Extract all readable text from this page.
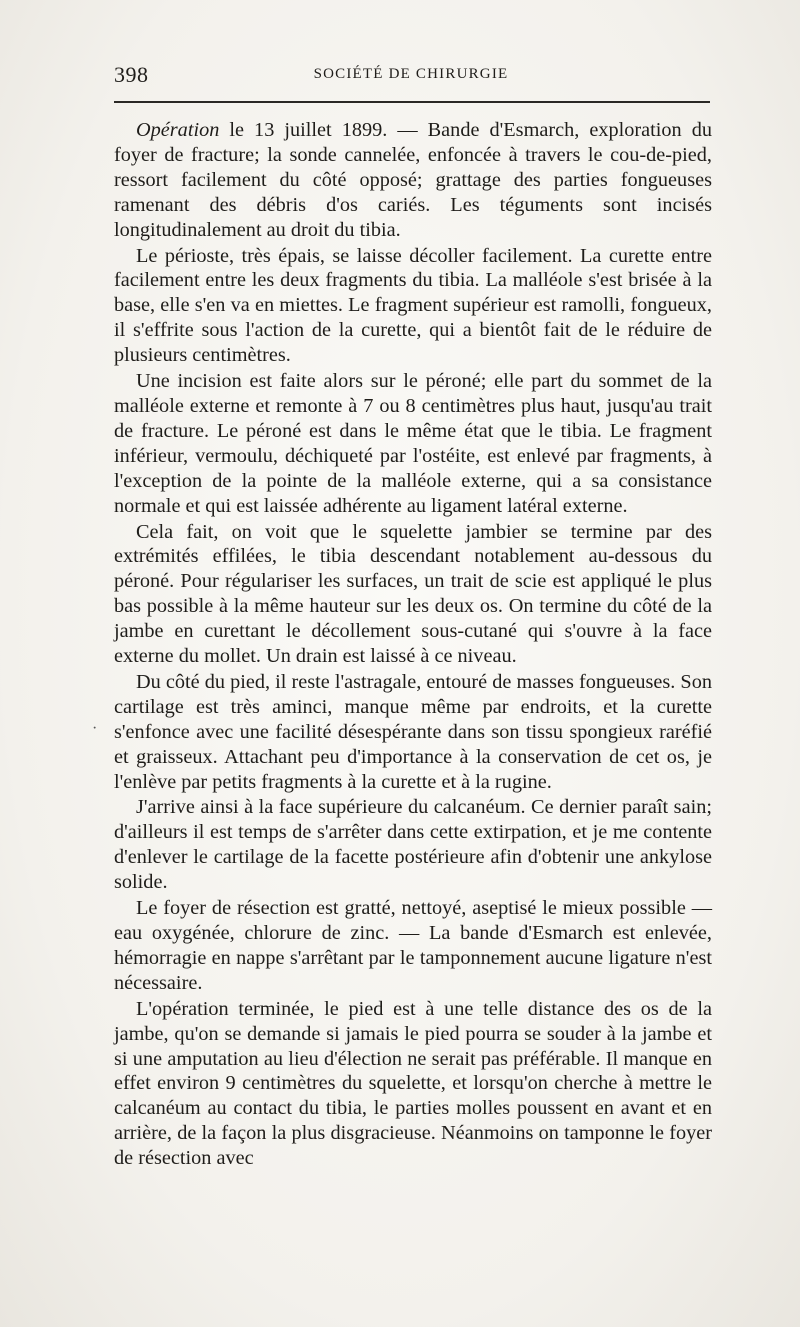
398	SOCIÉTÉ DE CHIRURGIE
·

Opération le 13 juillet 1899. — Bande d'Esmarch, exploration du foyer de fracture; la sonde cannelée, enfoncée à travers le cou-de-pied, ressort facilement du côté opposé; grattage des parties fongueuses ramenant des débris d'os cariés. Les téguments sont incisés longitudinalement au droit du tibia.

Le périoste, très épais, se laisse décoller facilement. La curette entre facilement entre les deux fragments du tibia. La malléole s'est brisée à la base, elle s'en va en miettes. Le fragment supérieur est ramolli, fongueux, il s'effrite sous l'action de la curette, qui a bientôt fait de le réduire de plusieurs centimètres.

Une incision est faite alors sur le péroné; elle part du sommet de la malléole externe et remonte à 7 ou 8 centimètres plus haut, jusqu'au trait de fracture. Le péroné est dans le même état que le tibia. Le fragment inférieur, vermoulu, déchiqueté par l'ostéite, est enlevé par fragments, à l'exception de la pointe de la malléole externe, qui a sa consistance normale et qui est laissée adhérente au ligament latéral externe.

Cela fait, on voit que le squelette jambier se termine par des extrémités effilées, le tibia descendant notablement au-dessous du péroné. Pour régulariser les surfaces, un trait de scie est appliqué le plus bas possible à la même hauteur sur les deux os. On termine du côté de la jambe en curettant le décollement sous-cutané qui s'ouvre à la face externe du mollet. Un drain est laissé à ce niveau.

Du côté du pied, il reste l'astragale, entouré de masses fongueuses. Son cartilage est très aminci, manque même par endroits, et la curette s'enfonce avec une facilité désespérante dans son tissu spongieux raréfié et graisseux. Attachant peu d'importance à la conservation de cet os, je l'enlève par petits fragments à la curette et à la rugine.

J'arrive ainsi à la face supérieure du calcanéum. Ce dernier paraît sain; d'ailleurs il est temps de s'arrêter dans cette extirpation, et je me contente d'enlever le cartilage de la facette postérieure afin d'obtenir une ankylose solide.

Le foyer de résection est gratté, nettoyé, aseptisé le mieux possible — eau oxygénée, chlorure de zinc. — La bande d'Esmarch est enlevée, hémorragie en nappe s'arrêtant par le tamponnement aucune ligature n'est nécessaire.

L'opération terminée, le pied est à une telle distance des os de la jambe, qu'on se demande si jamais le pied pourra se souder à la jambe et si une amputation au lieu d'élection ne serait pas préférable. Il manque en effet environ 9 centimètres du squelette, et lorsqu'on cherche à mettre le calcanéum au contact du tibia, le parties molles poussent en avant et en arrière, de la façon la plus disgracieuse. Néanmoins on tamponne le foyer de résection avec
